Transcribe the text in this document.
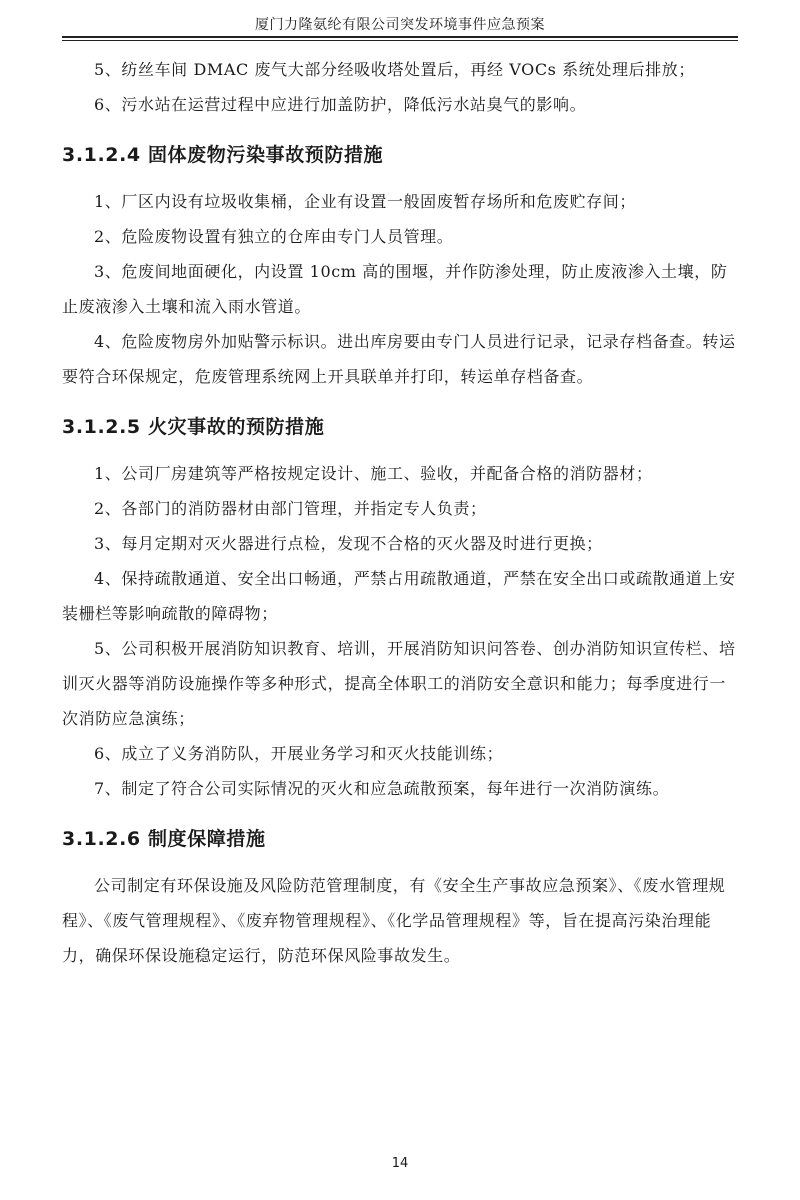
厦门力隆氨纶有限公司突发环境事件应急预案

5、纺丝车间 DMAC 废气大部分经吸收塔处置后，再经 VOCs 系统处理后排放；

6、污水站在运营过程中应进行加盖防护，降低污水站臭气的影响。

3.1.2.4 固体废物污染事故预防措施

1、厂区内设有垃圾收集桶，企业有设置一般固废暂存场所和危废贮存间；

2、危险废物设置有独立的仓库由专门人员管理。

3、危废间地面硬化，内设置 10cm 高的围堰，并作防渗处理，防止废液渗入土壤，防止废液渗入土壤和流入雨水管道。

4、危险废物房外加贴警示标识。进出库房要由专门人员进行记录，记录存档备查。转运要符合环保规定，危废管理系统网上开具联单并打印，转运单存档备查。

3.1.2.5 火灾事故的预防措施

1、公司厂房建筑等严格按规定设计、施工、验收，并配备合格的消防器材；

2、各部门的消防器材由部门管理，并指定专人负责；

3、每月定期对灭火器进行点检，发现不合格的灭火器及时进行更换；

4、保持疏散通道、安全出口畅通，严禁占用疏散通道，严禁在安全出口或疏散通道上安装栅栏等影响疏散的障碍物；

5、公司积极开展消防知识教育、培训，开展消防知识问答卷、创办消防知识宣传栏、培训灭火器等消防设施操作等多种形式，提高全体职工的消防安全意识和能力；每季度进行一次消防应急演练；

6、成立了义务消防队，开展业务学习和灭火技能训练；

7、制定了符合公司实际情况的灭火和应急疏散预案，每年进行一次消防演练。

3.1.2.6 制度保障措施

公司制定有环保设施及风险防范管理制度，有《安全生产事故应急预案》、《废水管理规程》、《废气管理规程》、《废弃物管理规程》、《化学品管理规程》等，旨在提高污染治理能力，确保环保设施稳定运行，防范环保风险事故发生。

14
